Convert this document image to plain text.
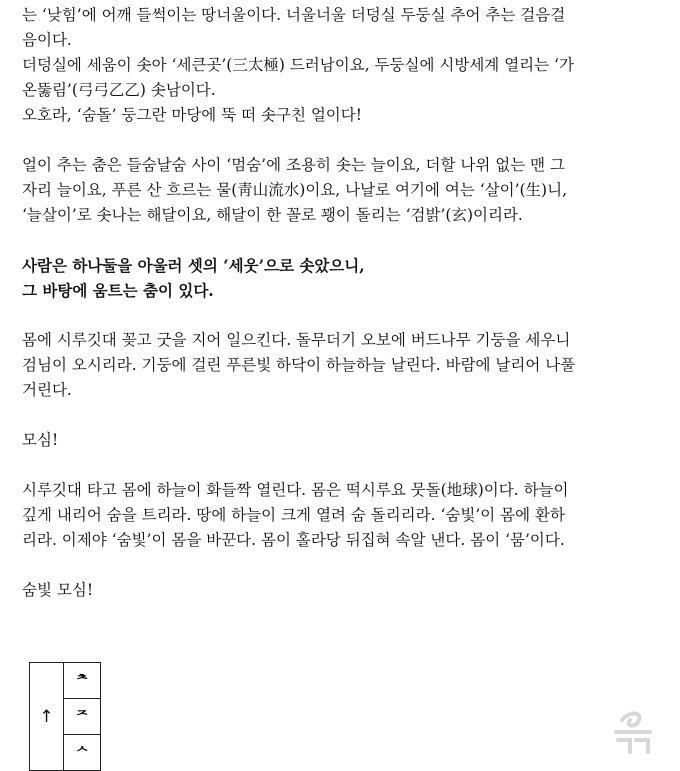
는 ‘낮힘’에 어깨 들썩이는 땅너울이다. 너울너울 더덩실 두둥실 추어 추는 걸음걸
음이다.
더덩실에 세움이 솟아 ‘세큰곳’(三太極) 드러남이요, 두둥실에 시방세계 열리는 ‘가
온뚫림’(弓弓乙乙) 솟남이다.
오호라, ‘숨돌’ 둥그란 마당에 뚝 떠 솟구친 얼이다!
얼이 추는 춤은 들숨날숨 사이 ‘멈숨’에 조용히 솟는 늘이요, 더할 나위 없는 맨 그
자리 늘이요, 푸른 산 흐르는 물(靑山流水)이요, 나날로 여기에 여는 ‘살이’(生)니,
‘늘살이’로 솟나는 해달이요, 해달이 한 꼴로 꽹이 돌리는 ‘검밝’(玄)이리라.
사람은 하나둘을 아울러 셋의 ‘세웃’으로 솟았으니,
그 바탕에 움트는 춤이 있다.
몸에 시루깃대 꽂고 굿을 지어 일으킨다. 돌무더기 오보에 버드나무 기둥을 세우니
검님이 오시리라. 기둥에 걸린 푸른빛 하닥이 하늘하늘 날린다. 바람에 날리어 나풀
거린다.
모심!
시루깃대 타고 몸에 하늘이 화들짝 열린다. 몸은 떡시루요 뭇돌(地球)이다. 하늘이
깊게 내리어 숨을 트리라. 땅에 하늘이 크게 열려 숨 돌리리라. ‘숨빛’이 몸에 환하
리라. 이제야 ‘숨빛’이 몸을 바꾼다. 몸이 홀라당 뒤집혀 속알 낸다. 몸이 ‘뭄’이다.
숨빛 모심!
↑	ᄎ
ᄌ
ᄉ
